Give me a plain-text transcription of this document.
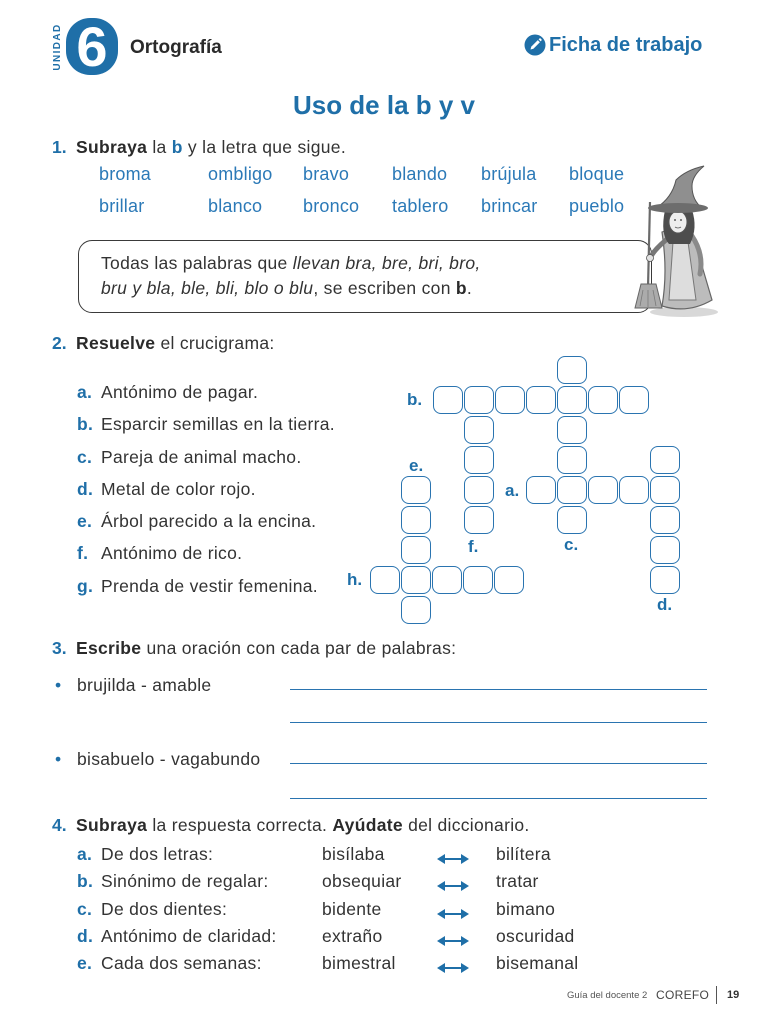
UNIDAD 6	Ortografía	Ficha de trabajo
Uso de la b y v
1. Subraya la b y la letra que sigue.
broma	ombligo	bravo	blando	brújula	bloque
brillar	blanco	bronco	tablero	brincar	pueblo
Todas las palabras que llevan bra, bre, bri, bro,
bru y bla, ble, bli, blo o blu, se escriben con b.
2. Resuelve el crucigrama:
a. Antónimo de pagar.
b. Esparcir semillas en la tierra.
c. Pareja de animal macho.
d. Metal de color rojo.
e. Árbol parecido a la encina.
f. Antónimo de rico.
g. Prenda de vestir femenina.
b.
e.
a.
f.	c.
h.
d.
3. Escribe una oración con cada par de palabras:
• brujilda - amable
• bisabuelo - vagabundo
4. Subraya la respuesta correcta. Ayúdate del diccionario.
a. De dos letras:	bisílaba	bilítera
b. Sinónimo de regalar:	obsequiar	tratar
c. De dos dientes:	bidente	bimano
d. Antónimo de claridad:	extraño	oscuridad
e. Cada dos semanas:	bimestral	bisemanal
Guía del docente 2 COREFO 19
